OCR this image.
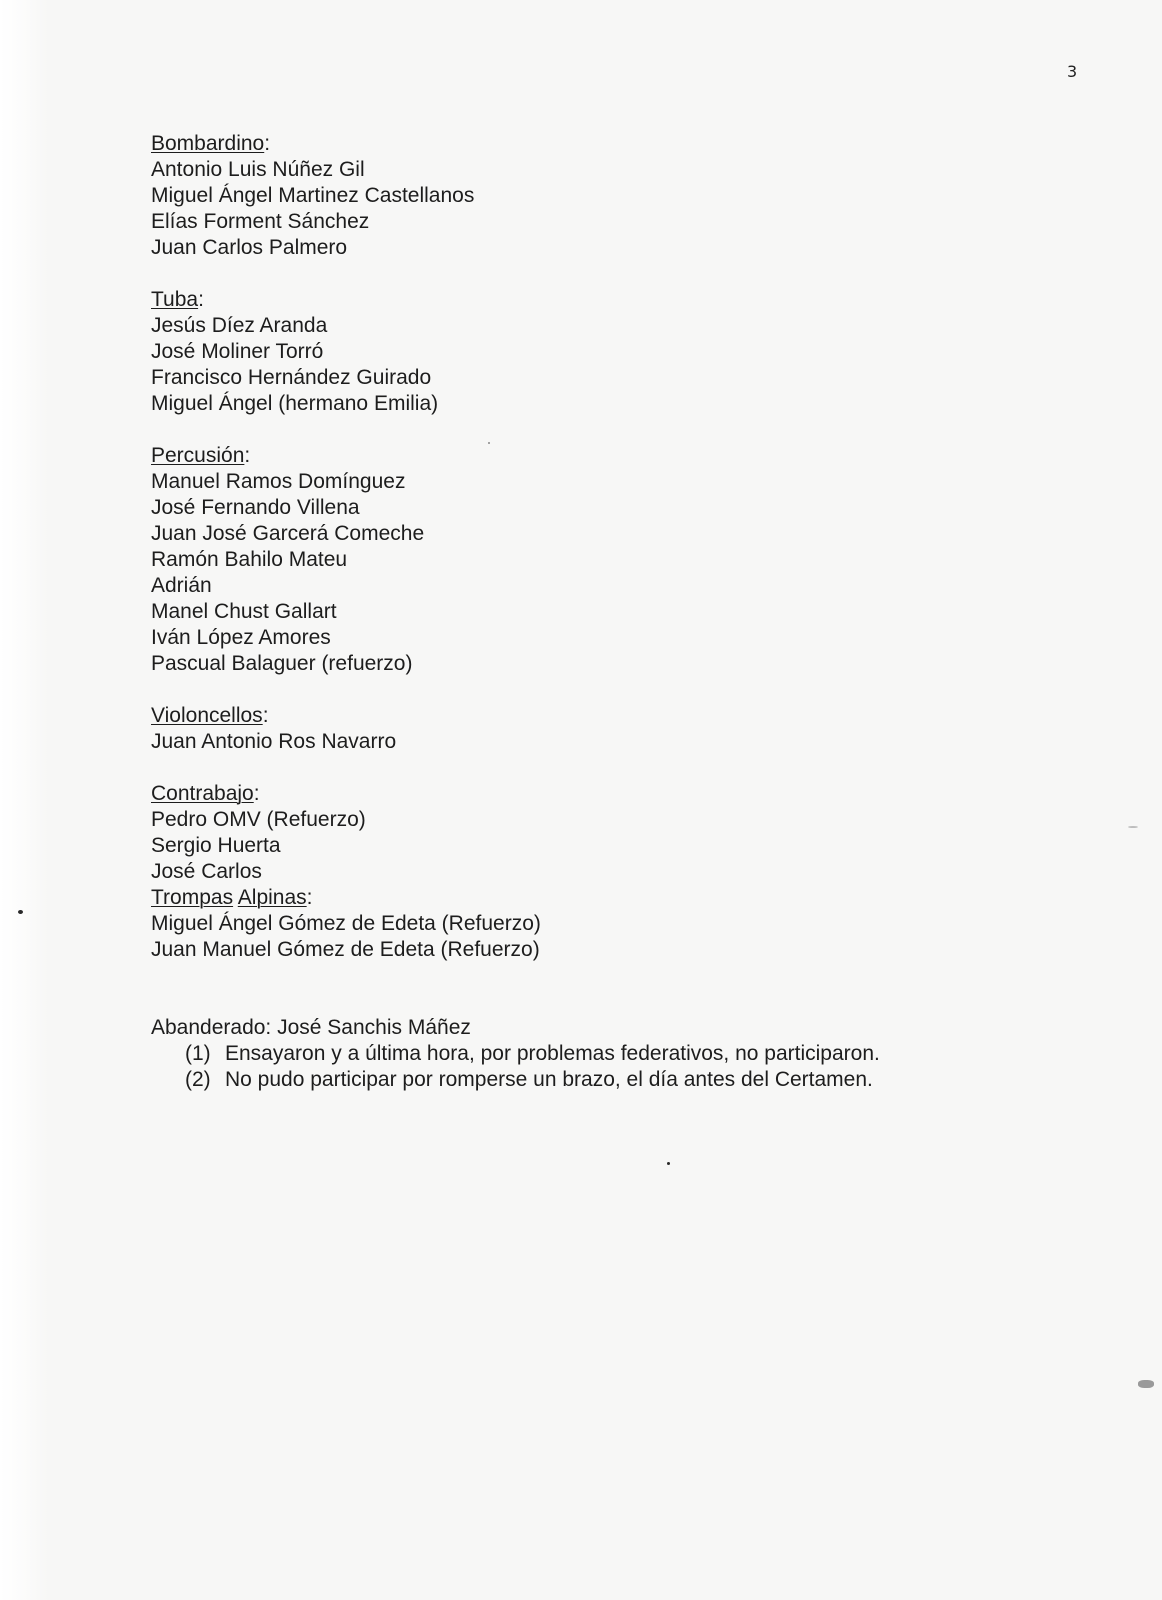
3
Bombardino:
Antonio Luis Núñez Gil
Miguel Ángel Martinez Castellanos
Elías Forment Sánchez
Juan Carlos Palmero
Tuba:
Jesús Díez Aranda
José Moliner Torró
Francisco Hernández Guirado
Miguel Ángel (hermano Emilia)
Percusión:
Manuel Ramos Domínguez
José Fernando Villena
Juan José Garcerá Comeche
Ramón Bahilo Mateu
Adrián
Manel Chust Gallart
Iván López Amores
Pascual Balaguer (refuerzo)
Violoncellos:
Juan Antonio Ros Navarro
Contrabajo:
Pedro OMV (Refuerzo)
Sergio Huerta
José Carlos
Trompas Alpinas:
Miguel Ángel Gómez de Edeta (Refuerzo)
Juan Manuel Gómez de Edeta (Refuerzo)
Abanderado: José Sanchis Máñez
(1) Ensayaron y a última hora, por problemas federativos, no participaron.
(2) No pudo participar por romperse un brazo, el día antes del Certamen.
